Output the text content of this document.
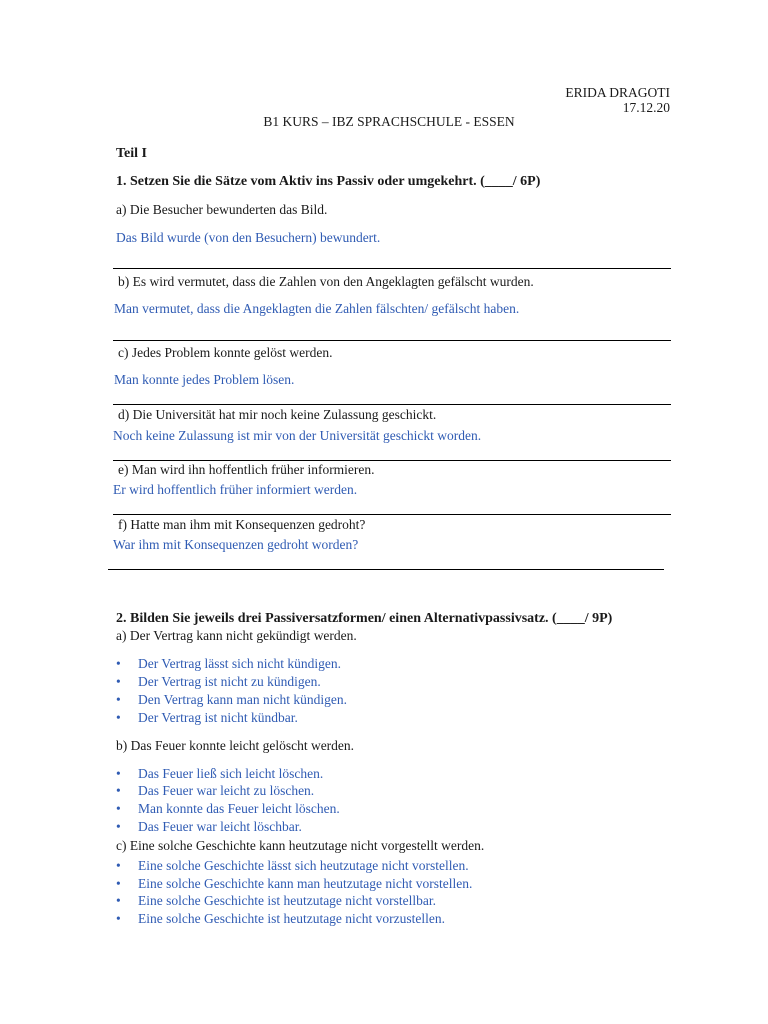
ERIDA DRAGOTI
17.12.20
B1 KURS – IBZ SPRACHSCHULE - ESSEN
Teil I
1. Setzen Sie die Sätze vom Aktiv ins Passiv oder umgekehrt. (____/ 6P)
a) Die Besucher bewunderten das Bild.
Das Bild wurde (von den Besuchern) bewundert.
b) Es wird vermutet, dass die Zahlen von den Angeklagten gefälscht wurden.
Man vermutet, dass die Angeklagten die Zahlen fälschten/ gefälscht haben.
c) Jedes Problem konnte gelöst werden.
Man konnte jedes Problem lösen.
d) Die Universität hat mir noch keine Zulassung geschickt.
Noch keine Zulassung ist mir von der Universität geschickt worden.
e) Man wird ihn hoffentlich früher informieren.
Er wird hoffentlich früher informiert werden.
f) Hatte man ihm mit Konsequenzen gedroht?
War ihm mit Konsequenzen gedroht worden?
2. Bilden Sie jeweils drei Passiversatzformen/ einen Alternativpassivsatz. (____/ 9P)
a) Der Vertrag kann nicht gekündigt werden.
• Der Vertrag lässt sich nicht kündigen.
• Der Vertrag ist nicht zu kündigen.
• Den Vertrag kann man nicht kündigen.
• Der Vertrag ist nicht kündbar.
b) Das Feuer konnte leicht gelöscht werden.
• Das Feuer ließ sich leicht löschen.
• Das Feuer war leicht zu löschen.
• Man konnte das Feuer leicht löschen.
• Das Feuer war leicht löschbar.
c) Eine solche Geschichte kann heutzutage nicht vorgestellt werden.
• Eine solche Geschichte lässt sich heutzutage nicht vorstellen.
• Eine solche Geschichte kann man heutzutage nicht vorstellen.
• Eine solche Geschichte ist heutzutage nicht vorstellbar.
• Eine solche Geschichte ist heutzutage nicht vorzustellen.
